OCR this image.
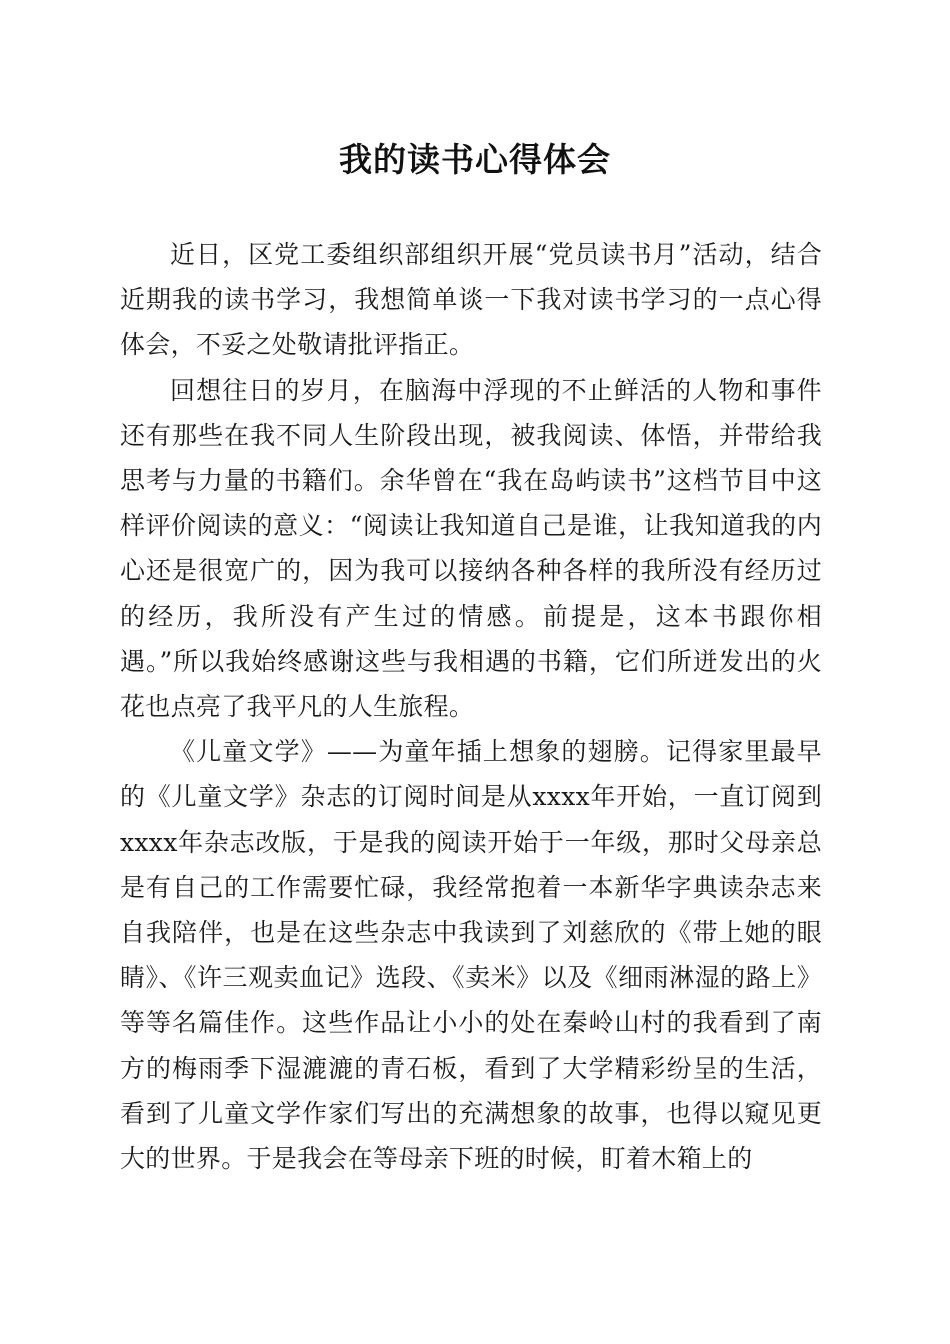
我的读书心得体会

近日，区党工委组织部组织开展“党员读书月”活动，结合近期我的读书学习，我想简单谈一下我对读书学习的一点心得体会，不妥之处敬请批评指正。

回想往日的岁月，在脑海中浮现的不止鲜活的人物和事件还有那些在我不同人生阶段出现，被我阅读、体悟，并带给我思考与力量的书籍们。余华曾在“我在岛屿读书”这档节目中这样评价阅读的意义：“阅读让我知道自己是谁，让我知道我的内心还是很宽广的，因为我可以接纳各种各样的我所没有经历过的经历，我所没有产生过的情感。前提是，这本书跟你相遇。”所以我始终感谢这些与我相遇的书籍，它们所迸发出的火花也点亮了我平凡的人生旅程。

《儿童文学》——为童年插上想象的翅膀。记得家里最早的《儿童文学》杂志的订阅时间是从xxxx年开始，一直订阅到xxxx年杂志改版，于是我的阅读开始于一年级，那时父母亲总是有自己的工作需要忙碌，我经常抱着一本新华字典读杂志来自我陪伴，也是在这些杂志中我读到了刘慈欣的《带上她的眼睛》、《许三观卖血记》选段、《卖米》以及《细雨淋湿的路上》等等名篇佳作。这些作品让小小的处在秦岭山村的我看到了南方的梅雨季下湿漉漉的青石板，看到了大学精彩纷呈的生活，看到了儿童文学作家们写出的充满想象的故事，也得以窥见更大的世界。于是我会在等母亲下班的时候，盯着木箱上的
